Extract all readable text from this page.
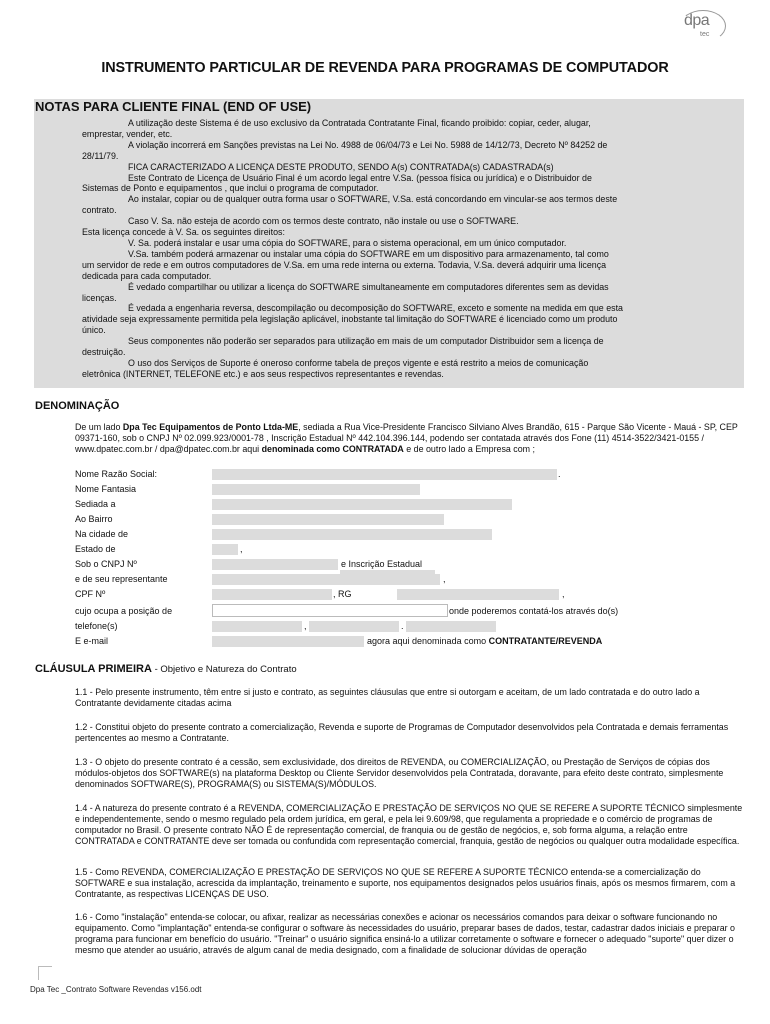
dpa
tec
INSTRUMENTO PARTICULAR DE REVENDA PARA PROGRAMAS DE COMPUTADOR
NOTAS PARA CLIENTE FINAL (END OF USE)

A utilização deste Sistema é de uso exclusivo da Contratada Contratante Final, ficando proibido: copiar, ceder, alugar,

emprestar, vender, etc.

A violação incorrerá em Sanções previstas na Lei No. 4988 de 06/04/73 e Lei No. 5988 de 14/12/73, Decreto Nº 84252 de

28/11/79.

FICA CARACTERIZADO A LICENÇA DESTE PRODUTO, SENDO A(s) CONTRATADA(s) CADASTRADA(s)

Este Contrato de Licença de Usuário Final é um acordo legal entre V.Sa. (pessoa física ou jurídica) e o Distribuidor de

Sistemas de Ponto e equipamentos , que inclui o programa de computador.

Ao instalar, copiar ou de qualquer outra forma usar o SOFTWARE, V.Sa. está concordando em vincular-se aos termos deste

contrato.

Caso V. Sa. não esteja de acordo com os termos deste contrato, não instale ou use o SOFTWARE.

Esta licença concede à V. Sa. os seguintes direitos:

V. Sa. poderá instalar e usar uma cópia do SOFTWARE, para o sistema operacional, em um único computador.

V.Sa. também poderá armazenar ou instalar uma cópia do SOFTWARE em um dispositivo para armazenamento, tal como

um servidor de rede e em outros computadores de V.Sa. em uma rede interna ou externa. Todavia, V.Sa. deverá adquirir uma licença

dedicada para cada computador.

É vedado compartilhar ou utilizar a licença do SOFTWARE simultaneamente em computadores diferentes sem as devidas

licenças.

É vedada a engenharia reversa, descompilação ou decomposição do SOFTWARE, exceto e somente na medida em que esta

atividade seja expressamente permitida pela legislação aplicável, inobstante tal limitação do SOFTWARE é licenciado como um produto

único.

Seus componentes não poderão ser separados para utilização em mais de um computador Distribuidor sem a licença de

destruição.

O uso dos Serviços de Suporte é oneroso conforme tabela de preços vigente e está restrito a meios de comunicação

eletrônica (INTERNET, TELEFONE etc.) e aos seus respectivos representantes e revendas.

DENOMINAÇÃO

De um lado Dpa Tec Equipamentos de Ponto Ltda-ME, sediada a Rua Vice-Presidente Francisco Silviano Alves Brandão, 615 - Parque São Vicente - Mauá - SP, CEP 09371-160, sob o CNPJ Nº 02.099.923/0001-78 , Inscrição Estadual Nº 442.104.396.144, podendo ser contatada através dos Fone (11) 4514-3522/3421-0155 / www.dpatec.com.br / dpa@dpatec.com.br aqui denominada como CONTRATADA e de outro lado a Empresa com ;

Nome Razão Social:	.
Nome Fantasia
Sediada a
Ao Bairro
Na cidade de
Estado de	,
Sob o CNPJ Nº	e Inscrição Estadual
e de seu representante	,
CPF Nº	, RG	,
cujo ocupa a posição de	onde poderemos contatá-los através do(s)
telefone(s)	,	.
E e-mail	agora aqui denominada como CONTRATANTE/REVENDA
CLÁUSULA PRIMEIRA - Objetivo e Natureza do Contrato
1.1 - Pelo presente instrumento, têm entre si justo e contrato, as seguintes cláusulas que entre si outorgam e aceitam, de um lado contratada e do outro lado a Contratante devidamente citadas acima
1.2 - Constitui objeto do presente contrato a comercialização, Revenda e suporte de Programas de Computador desenvolvidos pela Contratada e demais ferramentas pertencentes ao mesmo a Contratante.
1.3 - O objeto do presente contrato é a cessão, sem exclusividade, dos direitos de REVENDA, ou COMERCIALIZAÇÃO, ou Prestação de Serviços de cópias dos módulos-objetos dos SOFTWARE(s) na plataforma Desktop ou Cliente Servidor desenvolvidos pela Contratada, doravante, para efeito deste contrato, simplesmente denominados SOFTWARE(S), PROGRAMA(S) ou SISTEMA(S)/MÓDULOS.
1.4 - A natureza do presente contrato é a REVENDA, COMERCIALIZAÇÃO E PRESTAÇÃO DE SERVIÇOS NO QUE SE REFERE A SUPORTE TÉCNICO simplesmente e independentemente, sendo o mesmo regulado pela ordem jurídica, em geral, e pela lei 9.609/98, que regulamenta a propriedade e o comércio de programas de computador no Brasil. O presente contrato NÃO É de representação comercial, de franquia ou de gestão de negócios, e, sob forma alguma, a relação entre CONTRATADA e CONTRATANTE deve ser tomada ou confundida com representação comercial, franquia, gestão de negócios ou qualquer outra modalidade específica.
1.5 - Como REVENDA, COMERCIALIZAÇÃO E PRESTAÇÃO DE SERVIÇOS NO QUE SE REFERE A SUPORTE TÉCNICO entenda-se a comercialização do SOFTWARE e sua instalação, acrescida da implantação, treinamento e suporte, nos equipamentos designados pelos usuários finais, após os mesmos firmarem, com a Contratante, as respectivas LICENÇAS DE USO.
1.6 - Como "instalação" entenda-se colocar, ou afixar, realizar as necessárias conexões e acionar os necessários comandos para deixar o software funcionando no equipamento. Como "implantação" entenda-se configurar o software às necessidades do usuário, preparar bases de dados, testar, cadastrar dados iniciais e preparar o programa para funcionar em benefício do usuário. "Treinar" o usuário significa ensiná-lo a utilizar corretamente o software e fornecer o adequado "suporte" quer dizer o mesmo que atender ao usuário, através de algum canal de media designado, com a finalidade de solucionar dúvidas de operação
Dpa Tec _Contrato Software Revendas v156.odt
